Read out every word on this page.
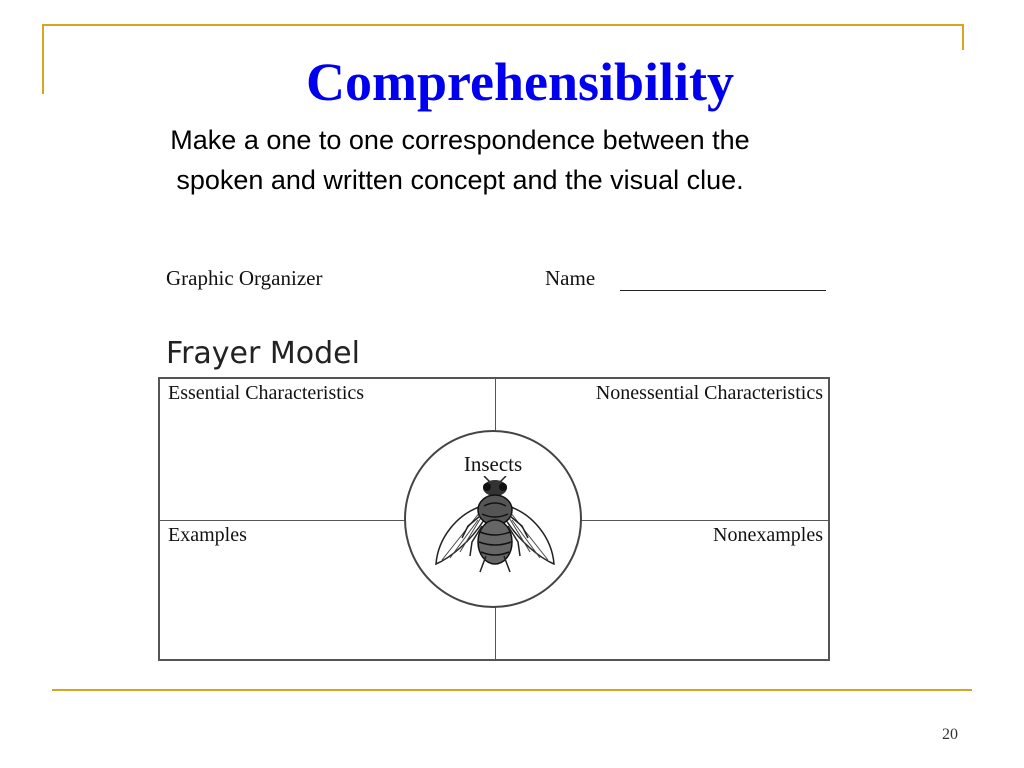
Comprehensibility
Make a one to one correspondence between the
spoken and written concept and the visual clue.
Graphic Organizer	Name
Frayer Model
Essential Characteristics	Nonessential Characteristics
Examples	Nonexamples
Insects
20
